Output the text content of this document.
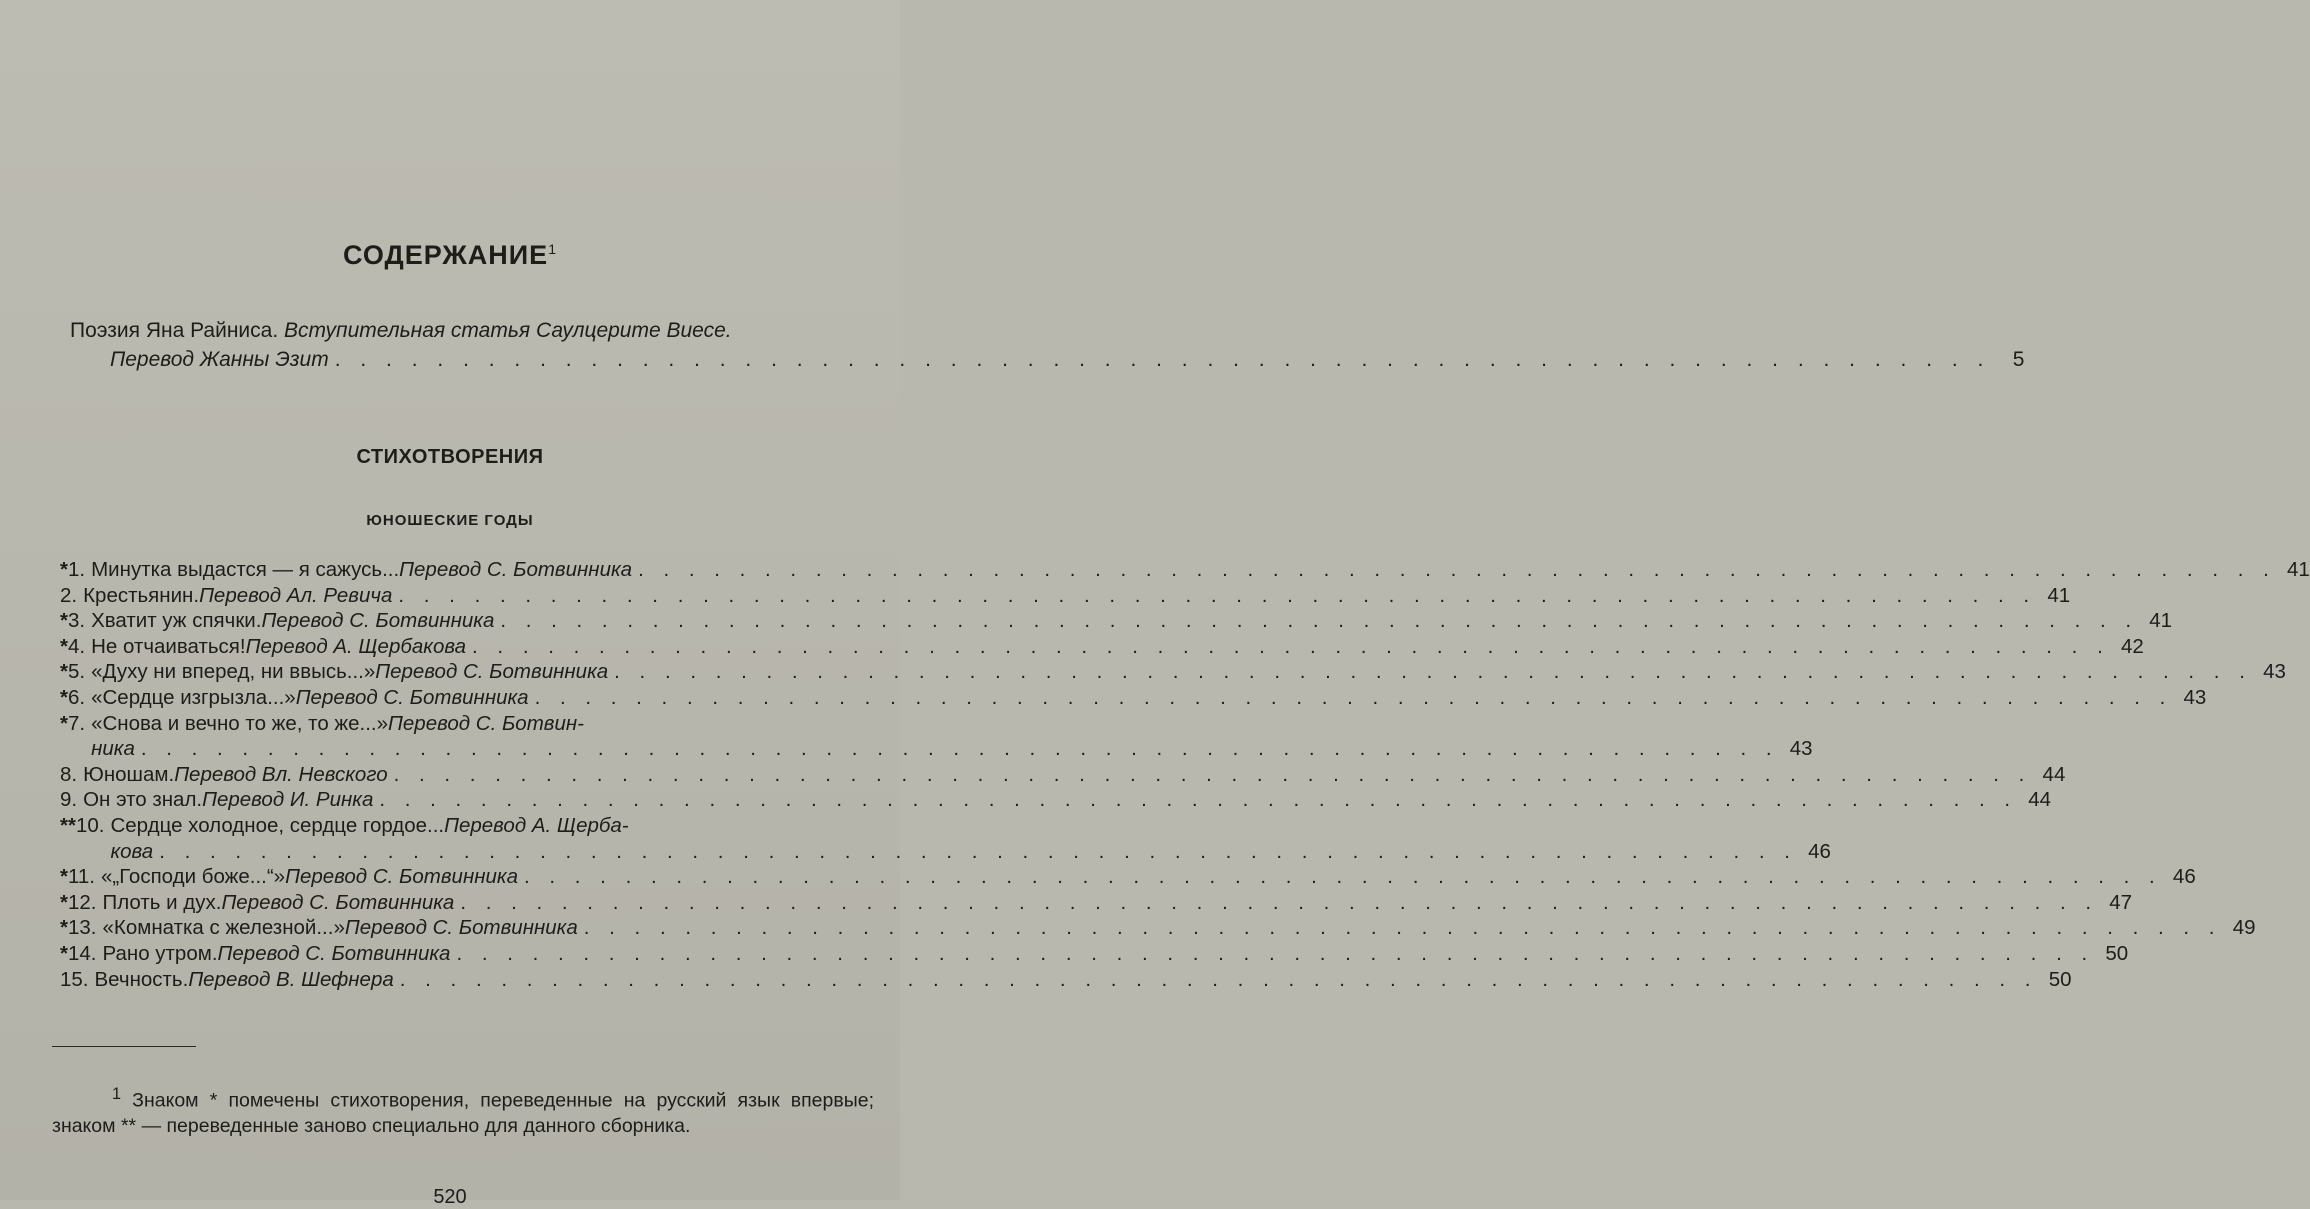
СОДЕРЖАНИЕ$^1$
Поэзия Яна Райниса. Вступительная статья Саулцерите Виесе.
Перевод Жанны Эзит . . .	5
СТИХОТВОРЕНИЯ
ЮНОШЕСКИЕ ГОДЫ
* 1. Минутка выдастся — я сажусь... Перевод С. Ботвинника . . .	41
2. Крестьянин. Перевод Ал. Ревича . . .	41
* 3. Хватит уж спячки. Перевод С. Ботвинника . . .	41
* 4. Не отчаиваться! Перевод А. Щербакова . . .	42
* 5. «Духу ни вперед, ни ввысь...» Перевод С. Ботвинника . . .	43
* 6. «Сердце изгрызла...» Перевод С. Ботвинника . . .	43
* 7. «Снова и вечно то же, то же...» Перевод С. Ботвин-
ника . . .	43
8. Юношам. Перевод Вл. Невского . . .	44
9. Он это знал. Перевод И. Ринка . . .	44
** 10. Сердце холодное, сердце гордое... Перевод А. Щерба-
кова . . .	46
* 11. «„Господи боже...“» Перевод С. Ботвинника . . .	46
* 12. Плоть и дух. Перевод С. Ботвинника . . .	47
* 13. «Комнатка с железной...» Перевод С. Ботвинника . . .	49
* 14. Рано утром. Перевод С. Ботвинника . . .	50
15. Вечность. Перевод В. Шефнера . . .	50
$^1$ Знаком * помечены стихотворения, переведенные на русский язык впервые; знаком ** — переведенные заново специально для данного сборника.
520
